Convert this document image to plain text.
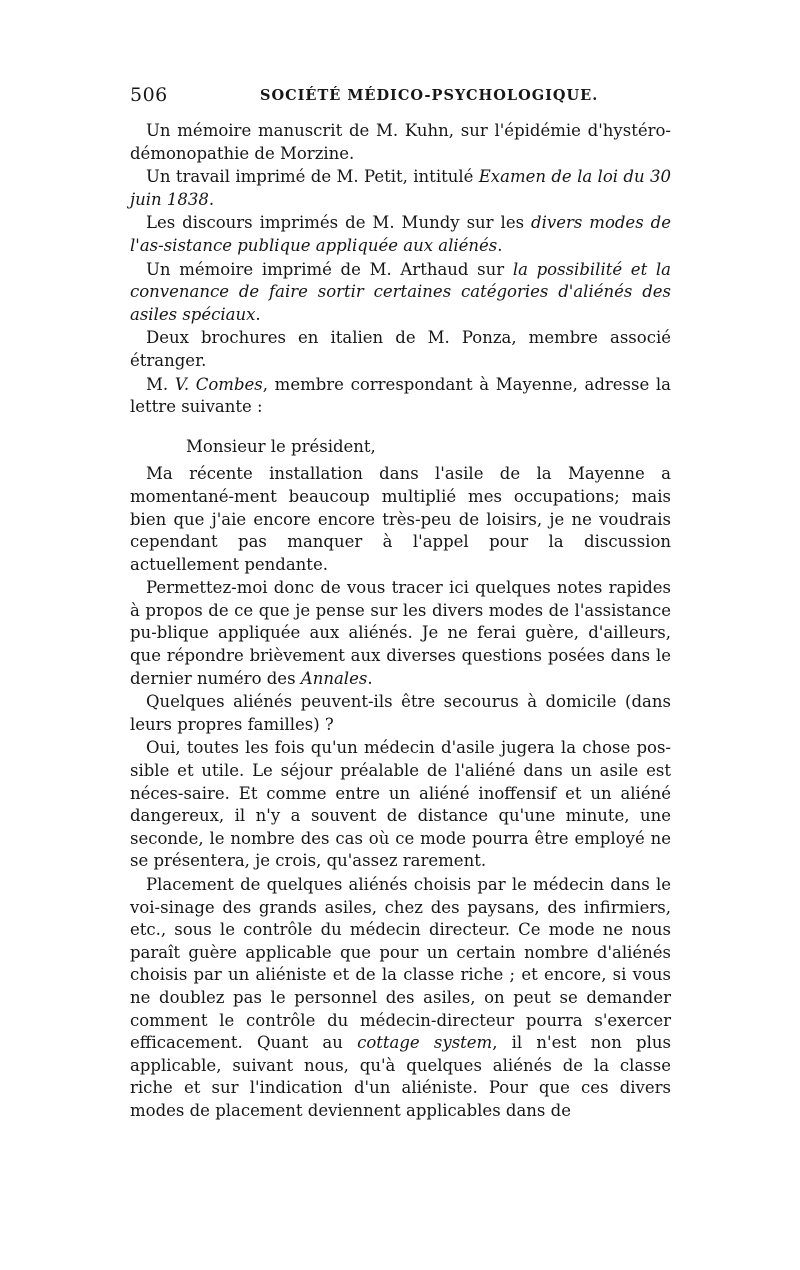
506	SOCIÉTÉ MÉDICO-PSYCHOLOGIQUE.

Un mémoire manuscrit de M. Kuhn, sur l'épidémie d'hystéro-démonopathie de Morzine.

Un travail imprimé de M. Petit, intitulé Examen de la loi du 30 juin 1838.

Les discours imprimés de M. Mundy sur les divers modes de l'as-sistance publique appliquée aux aliénés.

Un mémoire imprimé de M. Arthaud sur la possibilité et la convenance de faire sortir certaines catégories d'aliénés des asiles spéciaux.

Deux brochures en italien de M. Ponza, membre associé étranger.

M. V. Combes, membre correspondant à Mayenne, adresse la lettre suivante :

Monsieur le président,

Ma récente installation dans l'asile de la Mayenne a momentané-ment beaucoup multiplié mes occupations; mais bien que j'aie encore encore très-peu de loisirs, je ne voudrais cependant pas manquer à l'appel pour la discussion actuellement pendante.

Permettez-moi donc de vous tracer ici quelques notes rapides à propos de ce que je pense sur les divers modes de l'assistance pu-blique appliquée aux aliénés. Je ne ferai guère, d'ailleurs, que répondre brièvement aux diverses questions posées dans le dernier numéro des Annales.

Quelques aliénés peuvent-ils être secourus à domicile (dans leurs propres familles) ?

Oui, toutes les fois qu'un médecin d'asile jugera la chose pos-sible et utile. Le séjour préalable de l'aliéné dans un asile est néces-saire. Et comme entre un aliéné inoffensif et un aliéné dangereux, il n'y a souvent de distance qu'une minute, une seconde, le nombre des cas où ce mode pourra être employé ne se présentera, je crois, qu'assez rarement.

Placement de quelques aliénés choisis par le médecin dans le voi-sinage des grands asiles, chez des paysans, des infirmiers, etc., sous le contrôle du médecin directeur. Ce mode ne nous paraît guère applicable que pour un certain nombre d'aliénés choisis par un aliéniste et de la classe riche ; et encore, si vous ne doublez pas le personnel des asiles, on peut se demander comment le contrôle du médecin-directeur pourra s'exercer efficacement. Quant au cottage system, il n'est non plus applicable, suivant nous, qu'à quelques aliénés de la classe riche et sur l'indication d'un aliéniste. Pour que ces divers modes de placement deviennent applicables dans de
